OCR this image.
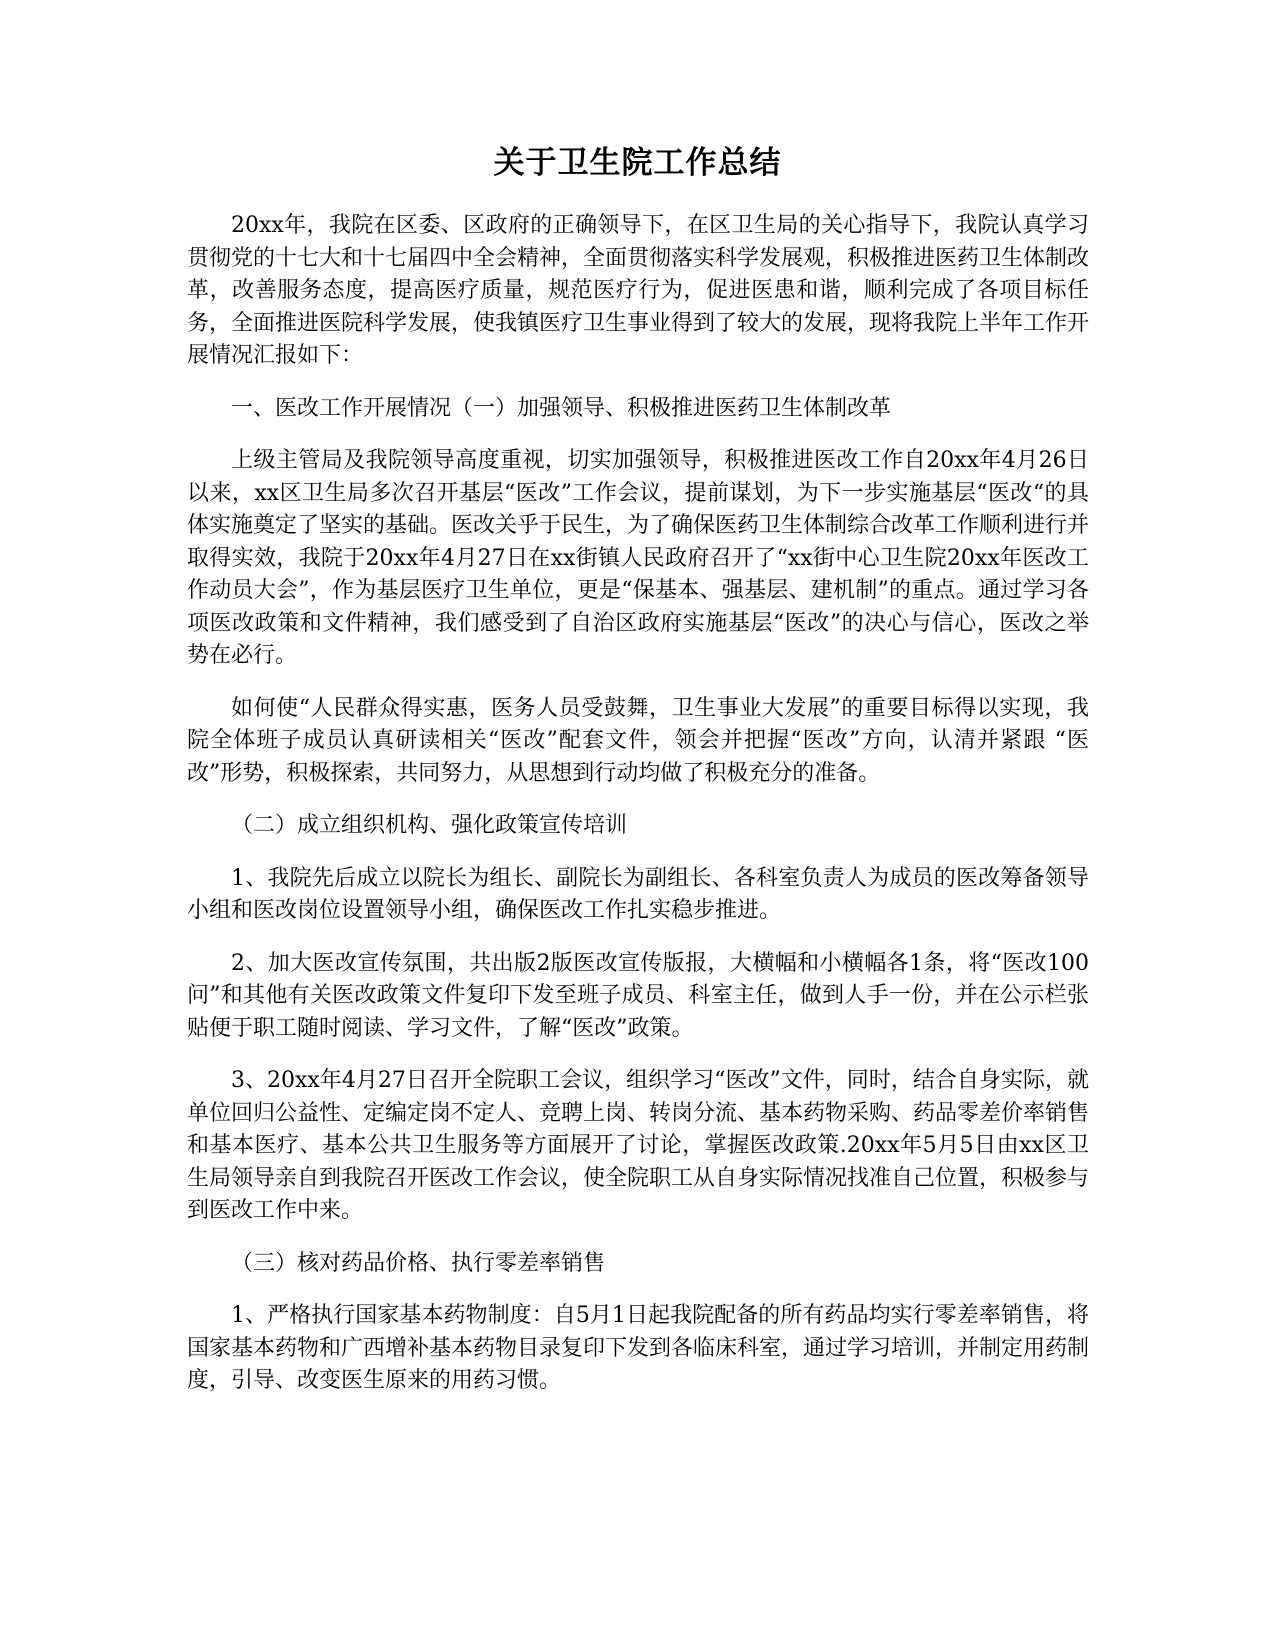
关于卫生院工作总结

20xx年，我院在区委、区政府的正确领导下，在区卫生局的关心指导下，我院认真学习贯彻党的十七大和十七届四中全会精神，全面贯彻落实科学发展观，积极推进医药卫生体制改革，改善服务态度，提高医疗质量，规范医疗行为，促进医患和谐，顺利完成了各项目标任务，全面推进医院科学发展，使我镇医疗卫生事业得到了较大的发展，现将我院上半年工作开展情况汇报如下：

一、医改工作开展情况（一）加强领导、积极推进医药卫生体制改革

上级主管局及我院领导高度重视，切实加强领导，积极推进医改工作自20xx年4月26日以来，xx区卫生局多次召开基层“医改”工作会议，提前谋划，为下一步实施基层“医改“的具体实施奠定了坚实的基础。医改关乎于民生，为了确保医药卫生体制综合改革工作顺利进行并取得实效，我院于20xx年4月27日在xx街镇人民政府召开了“xx街中心卫生院20xx年医改工作动员大会”，作为基层医疗卫生单位，更是“保基本、强基层、建机制”的重点。通过学习各项医改政策和文件精神，我们感受到了自治区政府实施基层“医改”的决心与信心，医改之举势在必行。

如何使“人民群众得实惠，医务人员受鼓舞，卫生事业大发展”的重要目标得以实现，我院全体班子成员认真研读相关“医改”配套文件，领会并把握“医改”方向，认清并紧跟 “医改”形势，积极探索，共同努力，从思想到行动均做了积极充分的准备。

（二）成立组织机构、强化政策宣传培训

1、我院先后成立以院长为组长、副院长为副组长、各科室负责人为成员的医改筹备领导小组和医改岗位设置领导小组，确保医改工作扎实稳步推进。

2、加大医改宣传氛围，共出版2版医改宣传版报，大横幅和小横幅各1条，将“医改100问”和其他有关医改政策文件复印下发至班子成员、科室主任，做到人手一份，并在公示栏张贴便于职工随时阅读、学习文件，了解“医改”政策。

3、20xx年4月27日召开全院职工会议，组织学习“医改”文件，同时，结合自身实际，就单位回归公益性、定编定岗不定人、竞聘上岗、转岗分流、基本药物采购、药品零差价率销售和基本医疗、基本公共卫生服务等方面展开了讨论，掌握医改政策.20xx年5月5日由xx区卫生局领导亲自到我院召开医改工作会议，使全院职工从自身实际情况找准自己位置，积极参与到医改工作中来。

（三）核对药品价格、执行零差率销售

1、严格执行国家基本药物制度：自5月1日起我院配备的所有药品均实行零差率销售，将国家基本药物和广西增补基本药物目录复印下发到各临床科室，通过学习培训，并制定用药制度，引导、改变医生原来的用药习惯。
